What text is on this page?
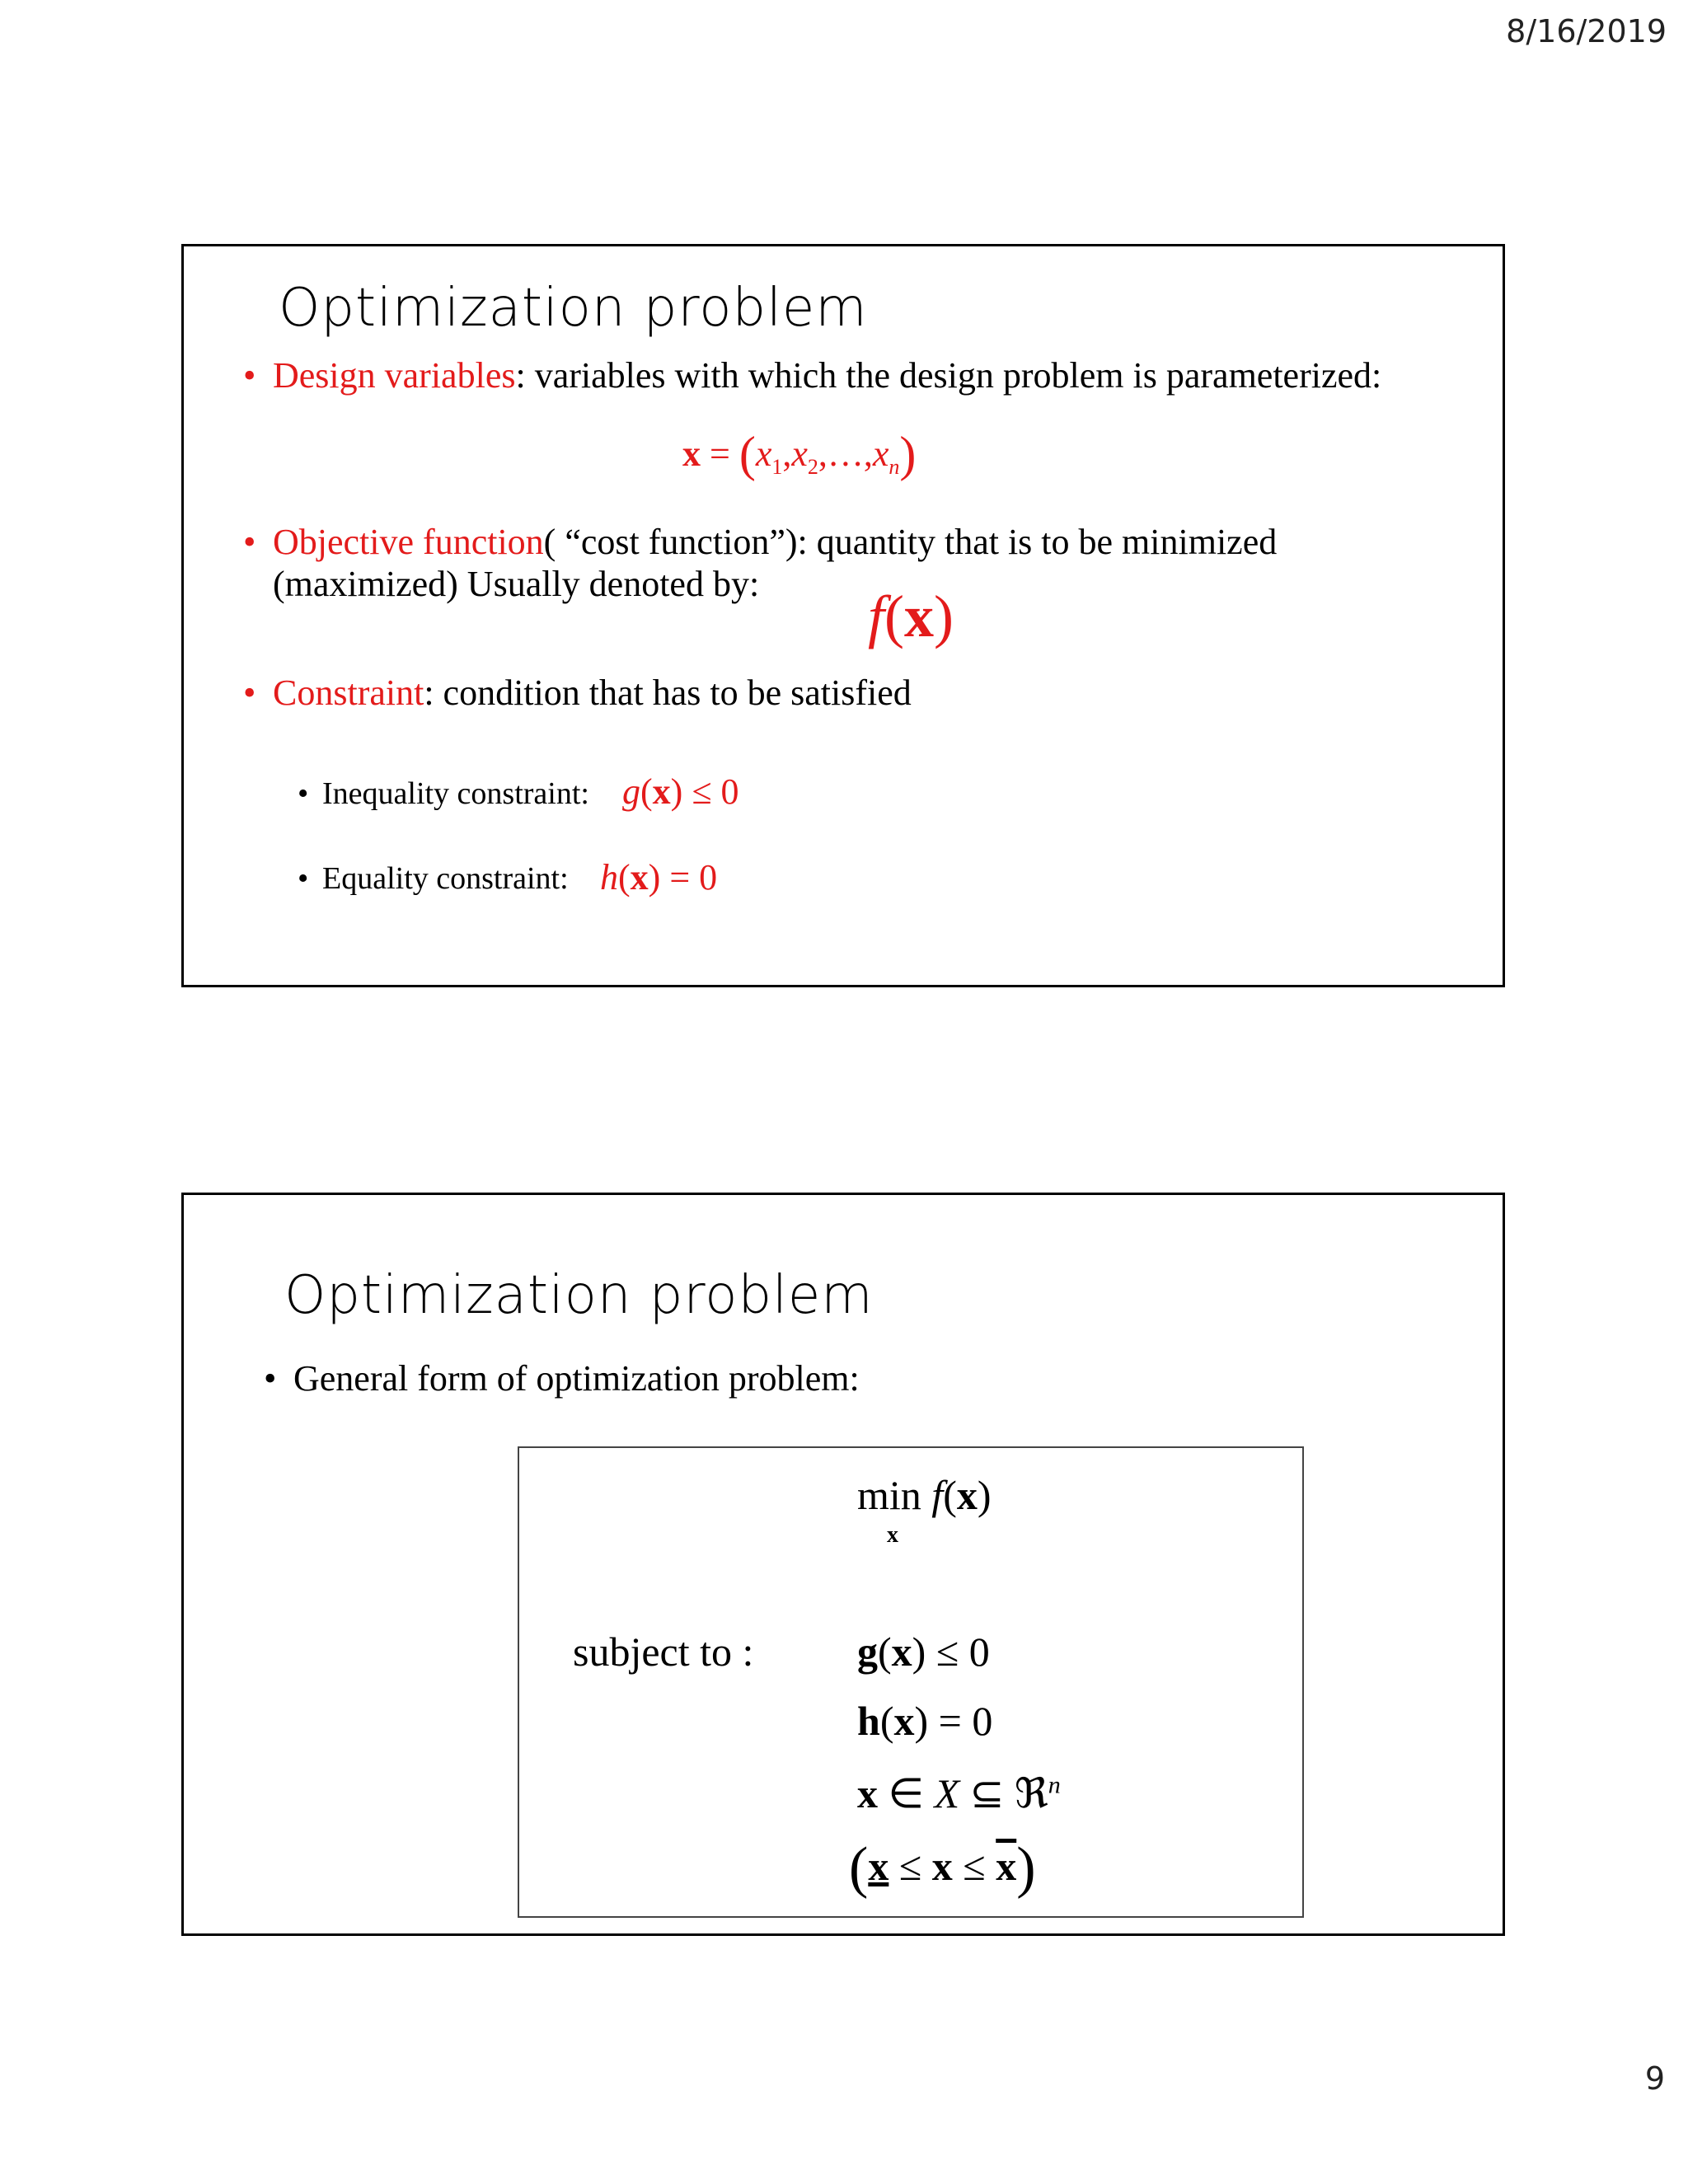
8/16/2019
Optimization problem
• Design variables: variables with which the design problem is parameterized:
$x = (x_1,x_2,\dots,x_n)$
• Objective function( “cost function”): quantity that is to be minimized
(maximized) Usually denoted by: f(x)
• Constraint: condition that has to be satisfied
• Inequality constraint: g(x) ≤ 0
• Equality constraint: h(x) = 0
Optimization problem
• General form of optimization problem:
min f(x)
x
subject to :	g(x) ≤ 0
h(x) = 0
x ∈ X ⊆ ℜ$^n$
$(x \le x \le \overline{x})$
9
